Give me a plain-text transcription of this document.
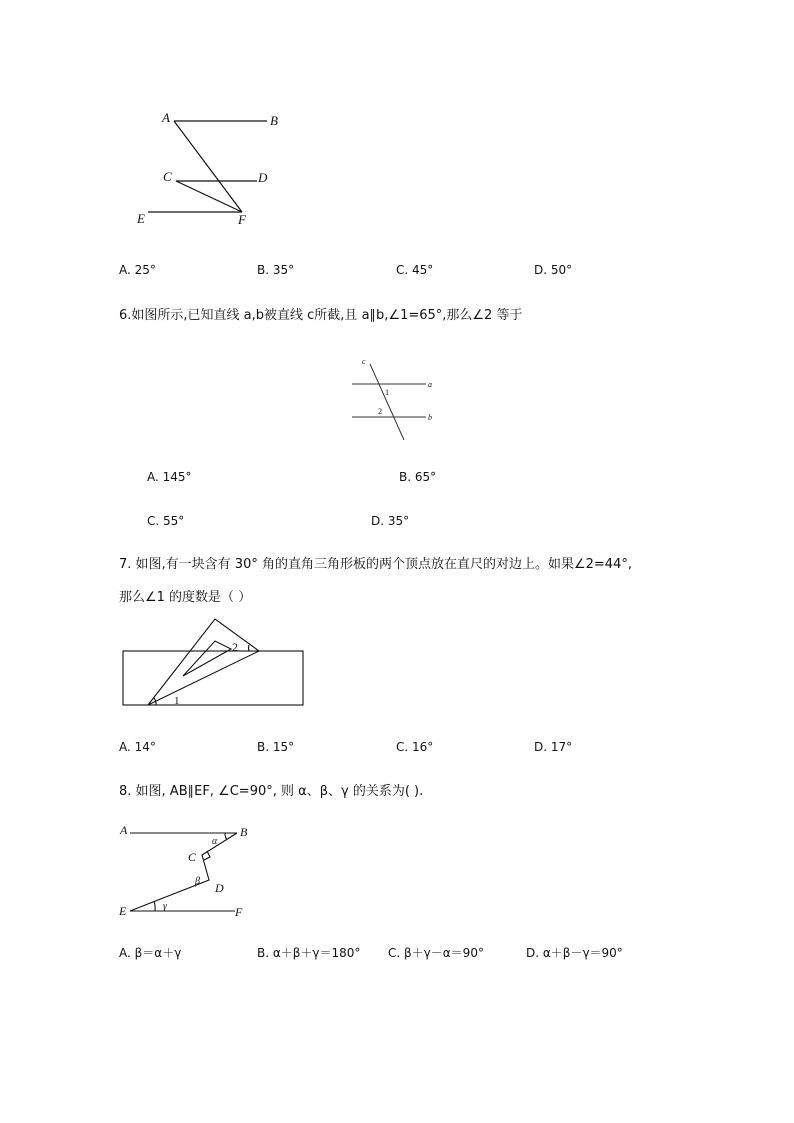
A	B
C	D
E	F
A. 25°	B. 35°	C. 45°	D. 50°
6.如图所示,已知直线 a,b被直线 c所截,且 a∥b,∠1=65°,那么∠2 等于
c
a
b
1
2
A. 145°	B. 65°
C. 55°	D. 35°
7. 如图,有一块含有 30° 角的直角三角形板的两个顶点放在直尺的对边上。如果∠2=44°,
那么∠1 的度数是（ ）
1
2
A. 14°	B. 15°	C. 16°	D. 17°
8. 如图, AB∥EF, ∠C=90°, 则 α、β、γ 的关系为( ).
A	B
C
D
E	F
α
β
γ
A. β＝α＋γ	B. α＋β＋γ＝180° C. β＋γ－α＝90°	D. α＋β－γ＝90°
